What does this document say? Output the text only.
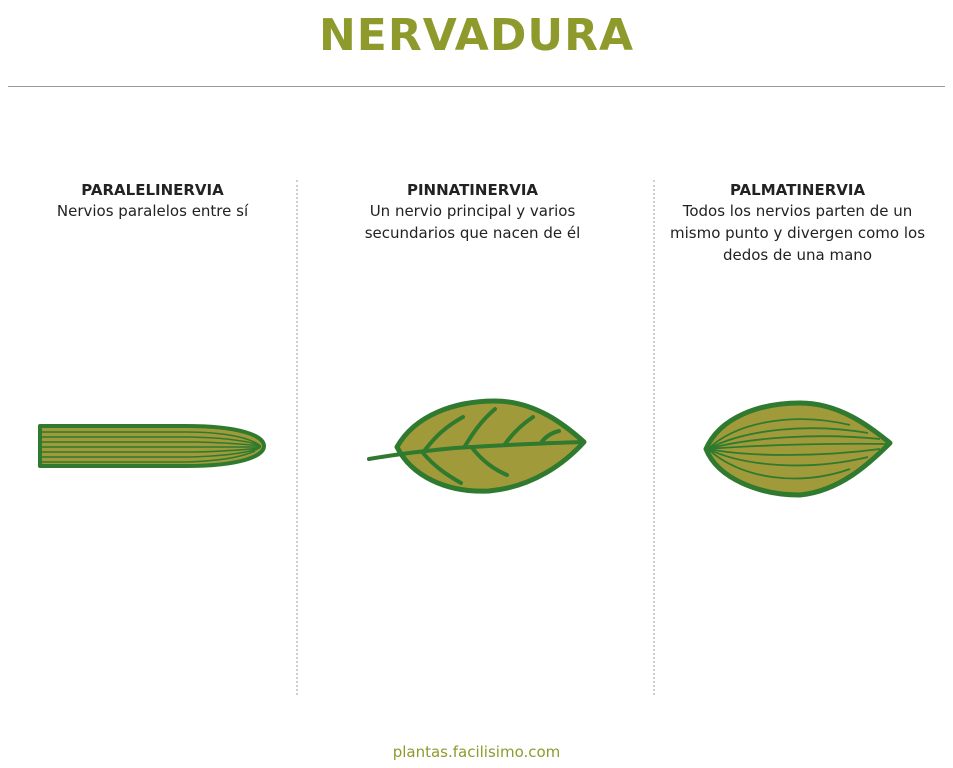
NERVADURA
PARALELINERVIA
Nervios paralelos entre sí
PINNATINERVIA
Un nervio principal y varios secundarios que nacen de él
PALMATINERVIA
Todos los nervios parten de un mismo punto y divergen como los dedos de una mano
plantas.facilisimo.com
